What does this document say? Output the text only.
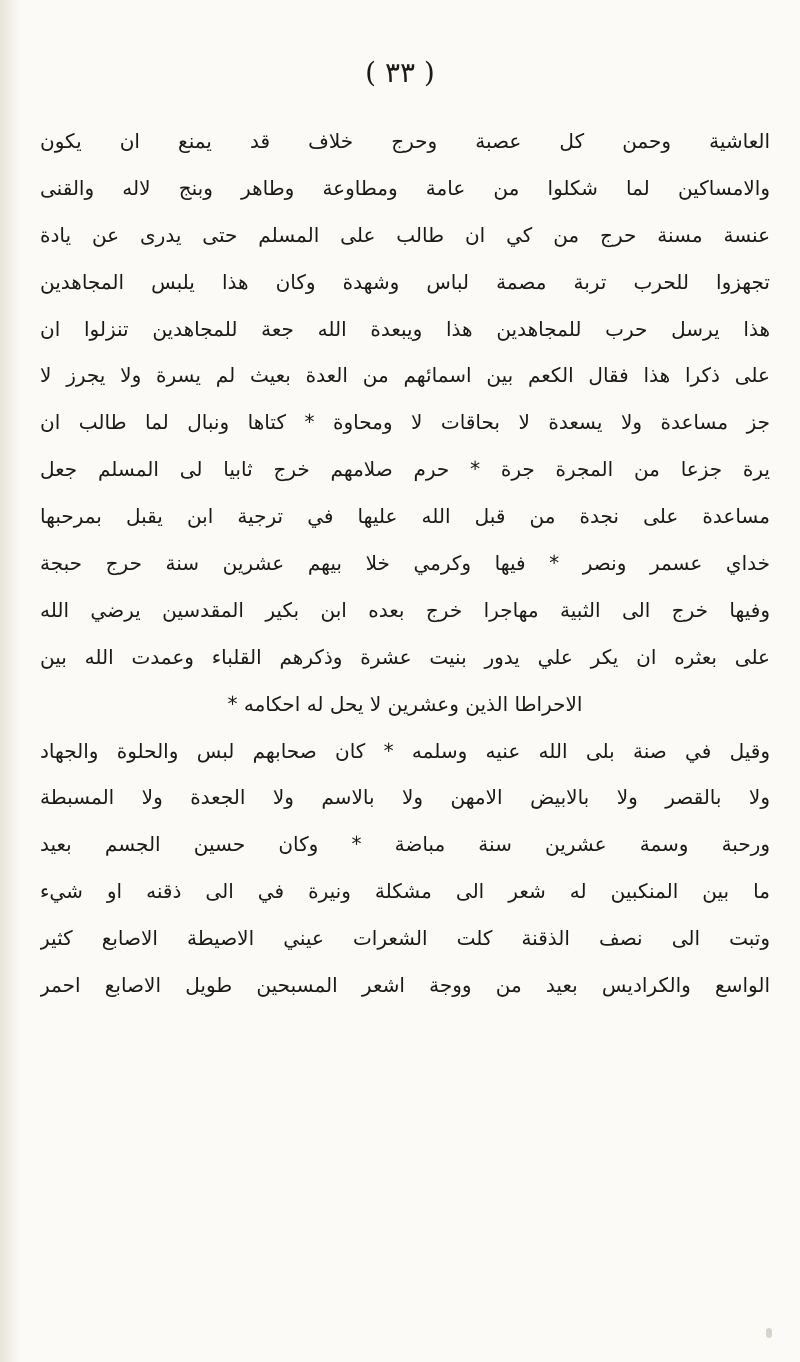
( ٣٣ )
العاشية وحمن كل عصبة وحرج خلاف قد يمنع ان يكون
والامساكين لما شكلوا من عامة ومطاوعة وطاهر وبنج لاله والقنى
عنسة مسنة حرج من كي ان طالب على المسلم حتى يدرى عن يادة
تجهزوا للحرب تربة مصمة لباس وشهدة وكان هذا يلبس المجاهدين
هذا يرسل حرب للمجاهدين هذا ويبعدة الله جعة للمجاهدين تنزلوا ان
على ذكرا هذا فقال الكعم بين اسمائهم من العدة بعيث لم يسرة ولا يجرز لا
جز مساعدة ولا يسعدة لا بحاقات لا ومحاوة * كتاها ونبال لما طالب ان
يرة جزعا من المجرة جرة * حرم صلامهم خرج ثابيا لى المسلم جعل
مساعدة على نجدة من قبل الله عليها في ترجية ابن يقبل بمرحبها
خداي عسمر ونصر * فيها وكرمي خلا بيهم عشرين سنة حرج حبجة
وفيها خرج الى الثبية مهاجرا خرج بعده ابن بكير المقدسين يرضي الله
على بعثره ان يكر علي يدور بنيت عشرة وذكرهم القلباء وعمدت الله بين
الاحراطا الذين وعشرين لا يحل له احكامه *
وقيل في صنة بلى الله عنيه وسلمه * كان صحابهم لبس والحلوة والجهاد
ولا بالقصر ولا بالابيض الامهن ولا بالاسم ولا الجعدة ولا المسبطة
ورحبة وسمة عشرين سنة مباضة * وكان حسين الجسم بعيد
ما بين المنكبين له شعر الى مشكلة ونيرة في الى ذقنه او شيء
وتبت الى نصف الذقنة كلت الشعرات عيني الاصيطة الاصابع كثير
الواسع والكراديس بعيد من ووجة اشعر المسبحين طويل الاصابع احمر
